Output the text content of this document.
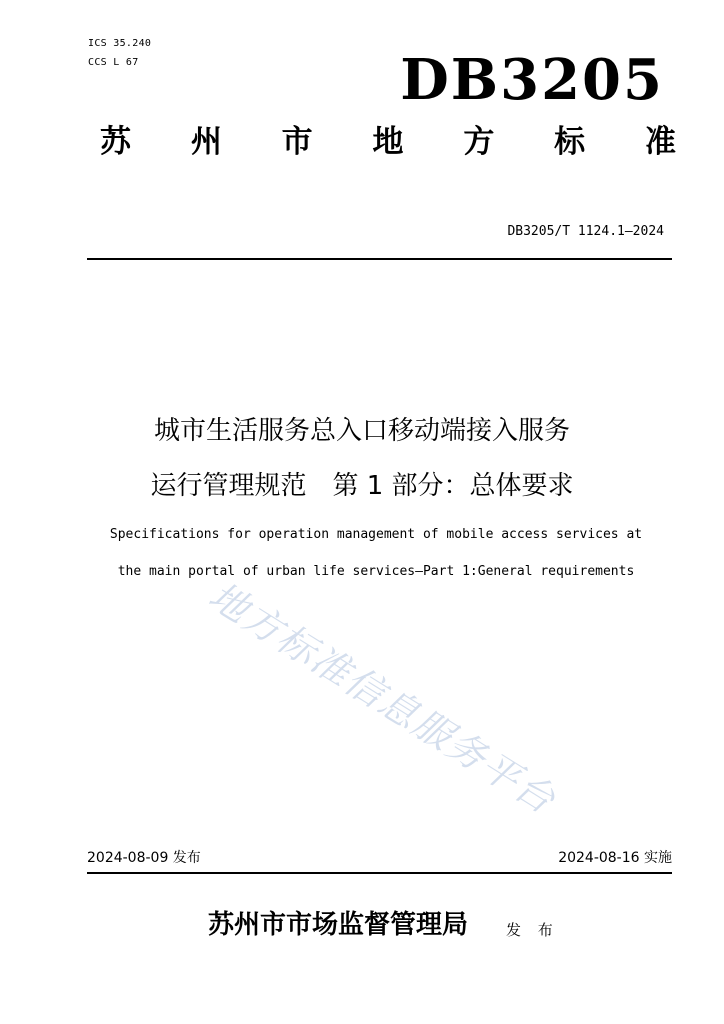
ICS 35.240
CCS L 67	DB3205
苏 州 市 地 方 标 准
DB3205/T 1124.1—2024
城市生活服务总入口移动端接入服务
运行管理规范　第 1 部分：总体要求
Specifications for operation management of mobile access services at
the main portal of urban life services—Part 1:General requirements
地方标准信息服务平台
2024-08-09 发布	2024-08-16 实施
苏州市市场监督管理局	发 布
